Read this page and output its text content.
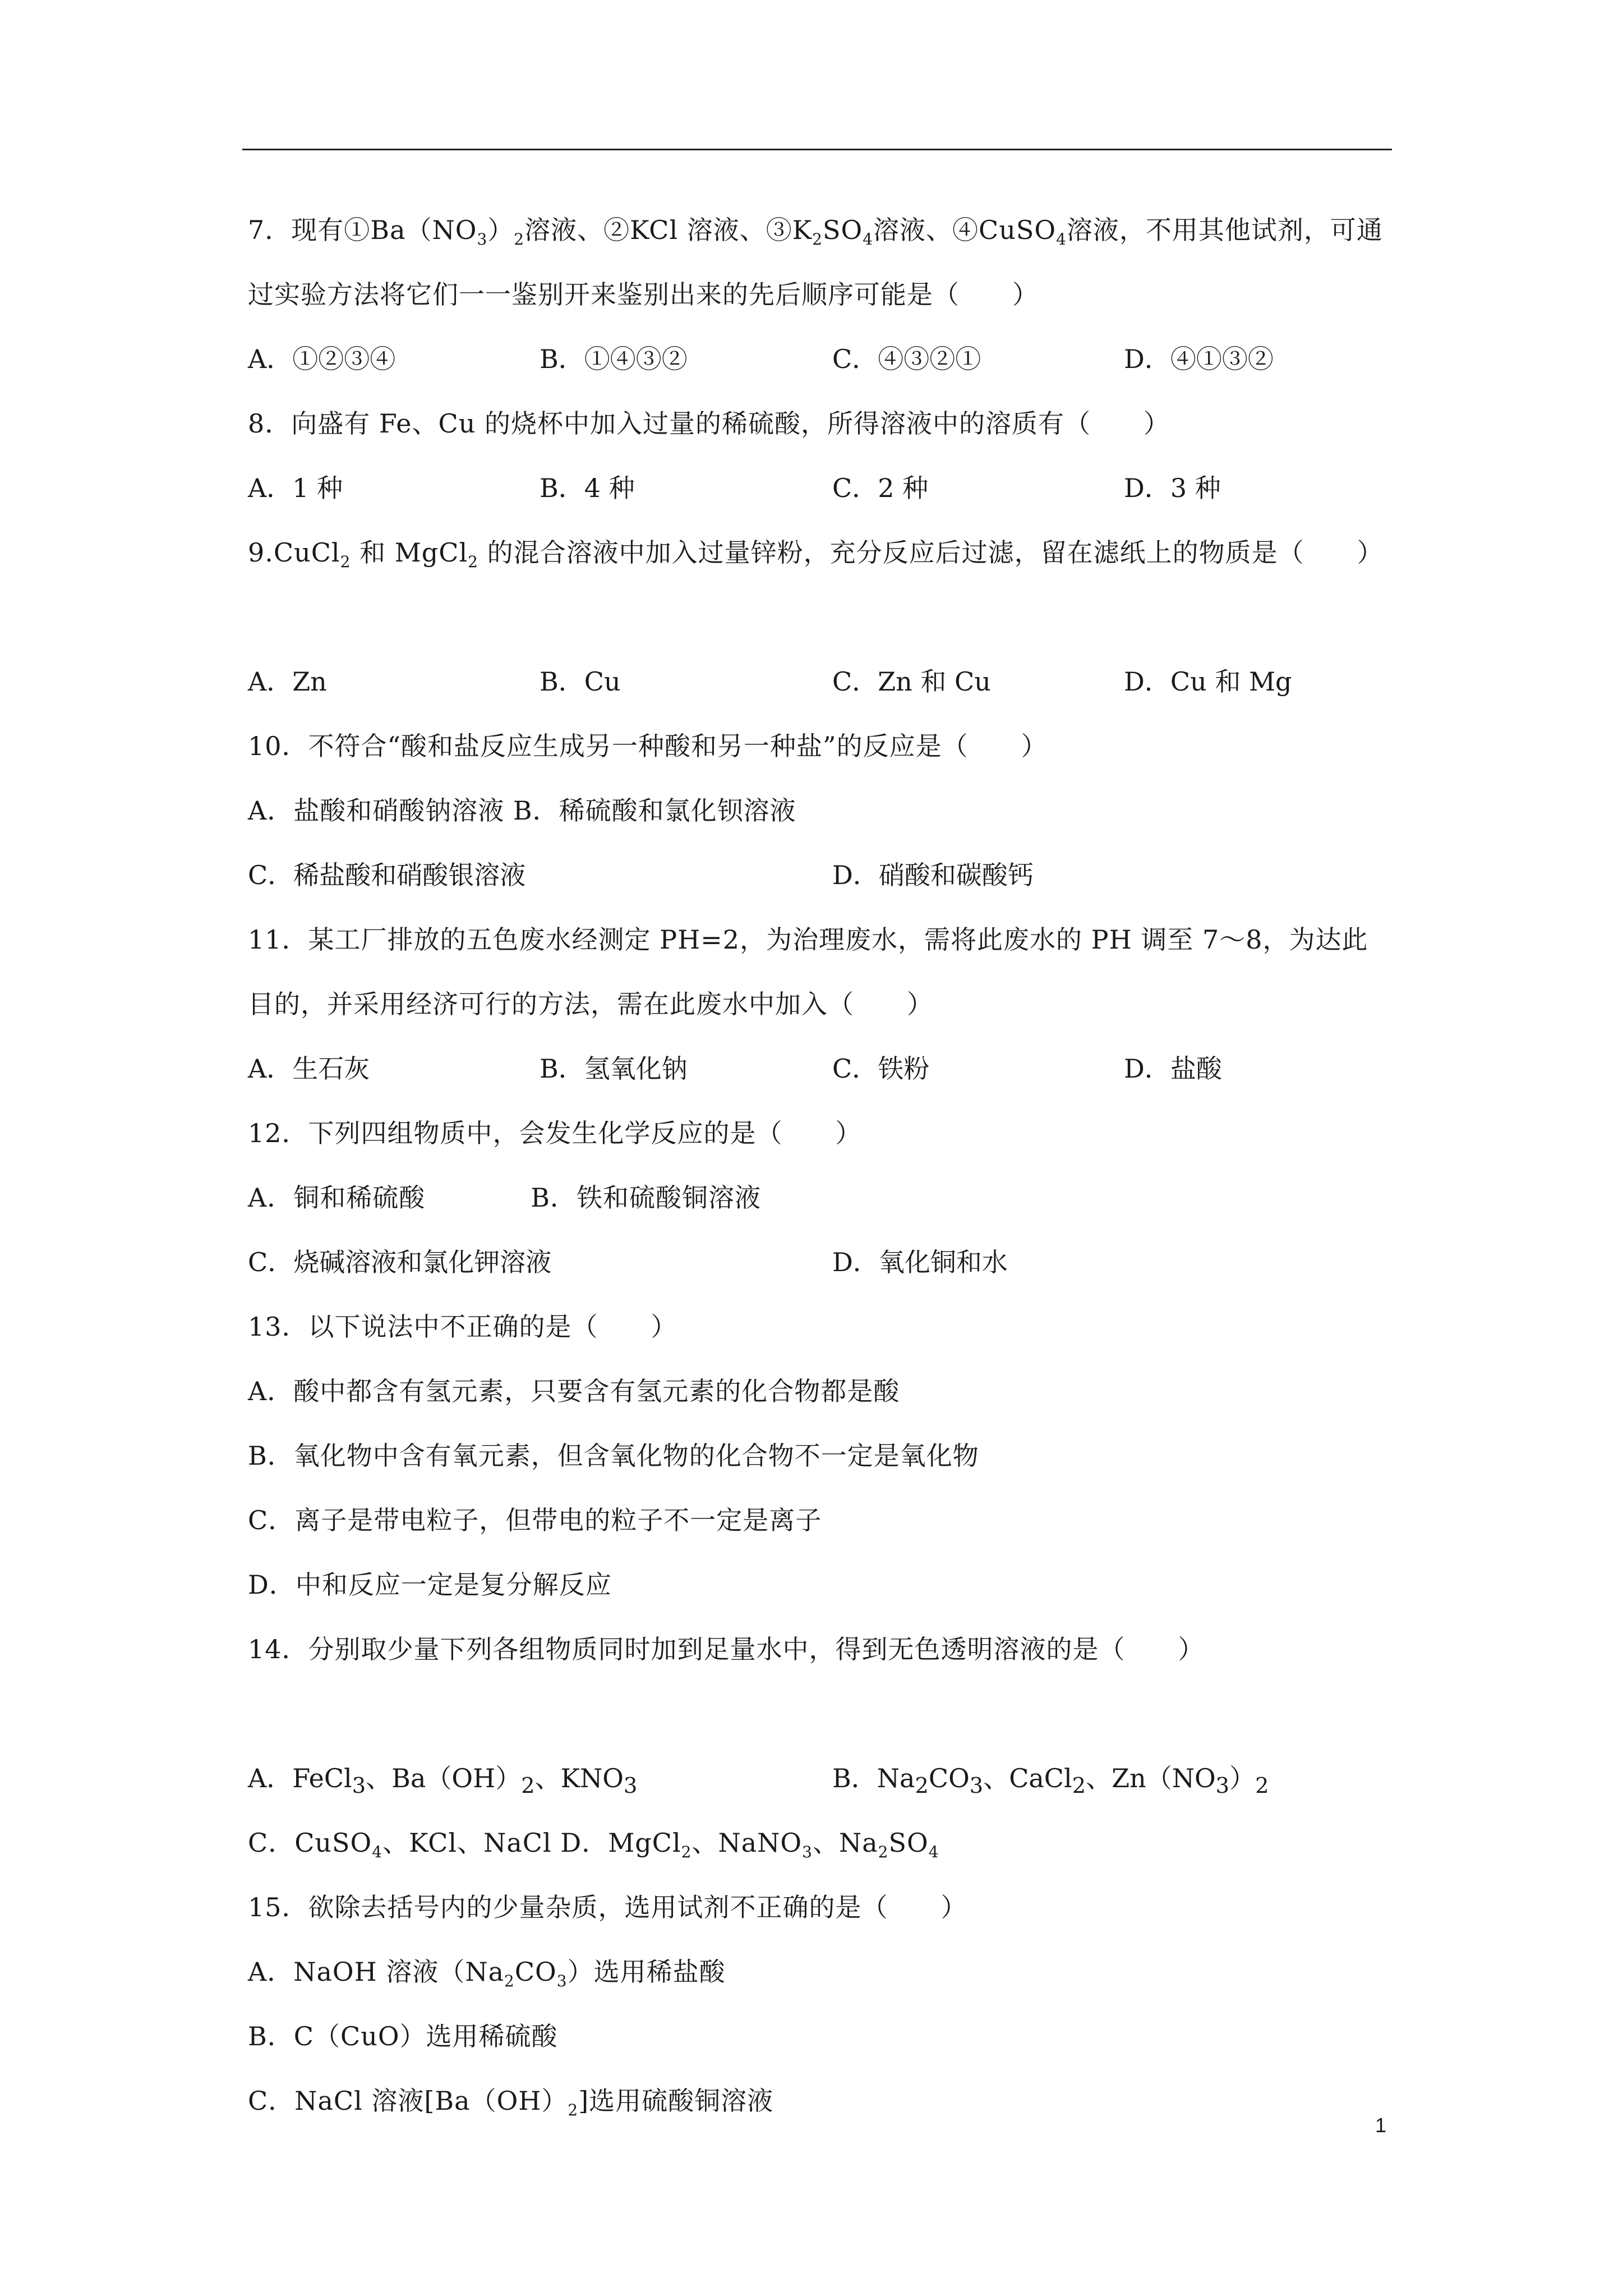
7．现有$①Ba(NO_3)_2$溶液、②KCl 溶液、$③K_2SO_4$溶液、④CuSO$_4$溶液，不用其他试剂，可通
过实验方法将它们一一鉴别开来鉴别出来的先后顺序可能是（　　）
A．①②③④	B．①④③②	C．④③②①	D．④①③②
8．向盛有 Fe、Cu 的烧杯中加入过量的稀硫酸，所得溶液中的溶质有（　　）
A．1 种	B．4 种	C．2 种	D．3 种
9.CuCl$_2$ 和 MgCl$_2$ 的混合溶液中加入过量锌粉，充分反应后过滤，留在滤纸上的物质是（　　）
A．Zn	B．Cu	C．Zn 和 Cu	D．Cu 和 Mg
10．不符合“酸和盐反应生成另一种酸和另一种盐”的反应是（　　）
A．盐酸和硝酸钠溶液 B．稀硫酸和氯化钡溶液
C．稀盐酸和硝酸银溶液	D．硝酸和碳酸钙
11．某工厂排放的五色废水经测定 PH=2，为治理废水，需将此废水的 PH 调至 7～8，为达此
目的，并采用经济可行的方法，需在此废水中加入（　　）
A．生石灰	B．氢氧化钠	C．铁粉	D．盐酸
12．下列四组物质中，会发生化学反应的是（　　）
A．铜和稀硫酸　　　　B．铁和硫酸铜溶液
C．烧碱溶液和氯化钾溶液	D．氧化铜和水
13．以下说法中不正确的是（　　）
A．酸中都含有氢元素，只要含有氢元素的化合物都是酸
B．氧化物中含有氧元素，但含氧化物的化合物不一定是氧化物
C．离子是带电粒子，但带电的粒子不一定是离子
D．中和反应一定是复分解反应
14．分别取少量下列各组物质同时加到足量水中，得到无色透明溶液的是（　　）
A．FeCl$_3$、$Ba(OH)_2$、$KNO_3$	B．$Na_2CO_3$、CaCl$_2$、$Zn(NO_3)_2$
C．CuSO$_4$、KCl、NaCl D．MgCl$_2$、NaNO$_3$、$Na_2SO_4$
15．欲除去括号内的少量杂质，选用试剂不正确的是（　　）
A．NaOH 溶液$(Na_2CO_3)$选用稀盐酸
B．C（CuO）选用稀硫酸
C．NaCl 溶液$[Ba(OH)_2]$选用硫酸铜溶液
1
